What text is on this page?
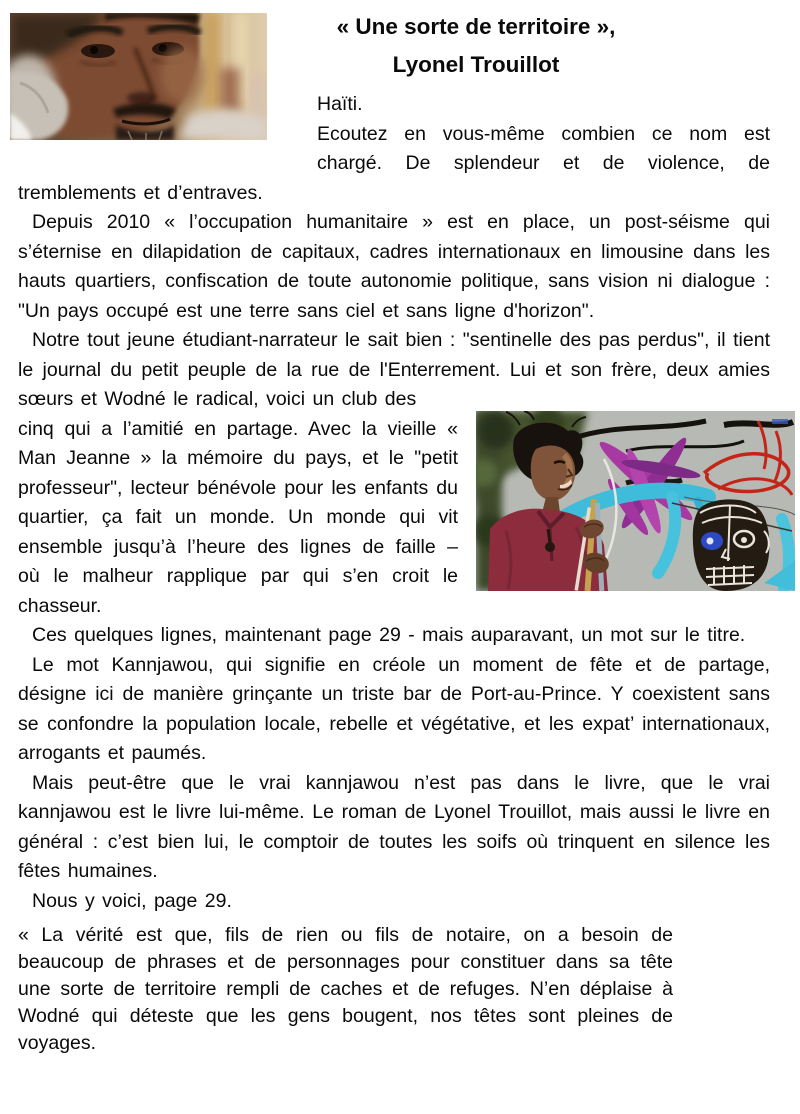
« Une sorte de territoire »,
Lyonel Trouillot

Haïti.

Ecoutez en vous-même combien ce nom est chargé. De splendeur et de violence, de tremblements et d’entraves.

Depuis 2010 « l’occupation humanitaire » est en place, un post-séisme qui s’éternise en dilapidation de capitaux, cadres internationaux en limousine dans les hauts quartiers, confiscation de toute autonomie politique, sans vision ni dialogue : "Un pays occupé est une terre sans ciel et sans ligne d'horizon".

Notre tout jeune étudiant-narrateur le sait bien : "sentinelle des pas perdus", il tient le journal du petit peuple de la rue de l'Enterrement. Lui et son frère, deux amies sœurs et Wodné le radical, voici un club des

cinq qui a l’amitié en partage. Avec la vieille « Man Jeanne » la mémoire du pays, et le "petit professeur", lecteur bénévole pour les enfants du quartier, ça fait un monde. Un monde qui vit ensemble jusqu’à l’heure des lignes de faille – où le malheur rapplique par qui s’en croit le chasseur.

Ces quelques lignes, maintenant page 29 - mais auparavant, un mot sur le titre.

Le mot Kannjawou, qui signifie en créole un moment de fête et de partage, désigne ici de manière grinçante un triste bar de Port-au-Prince. Y coexistent sans se confondre la population locale, rebelle et végétative, et les expat’ internationaux, arrogants et paumés.

Mais peut-être que le vrai kannjawou n’est pas dans le livre, que le vrai kannjawou est le livre lui-même. Le roman de Lyonel Trouillot, mais aussi le livre en général : c’est bien lui, le comptoir de toutes les soifs où trinquent en silence les fêtes humaines.

Nous y voici, page 29.

« La vérité est que, fils de rien ou fils de notaire, on a besoin de beaucoup de phrases et de personnages pour constituer dans sa tête une sorte de territoire rempli de caches et de refuges. N’en déplaise à Wodné qui déteste que les gens bougent, nos têtes sont pleines de voyages.
